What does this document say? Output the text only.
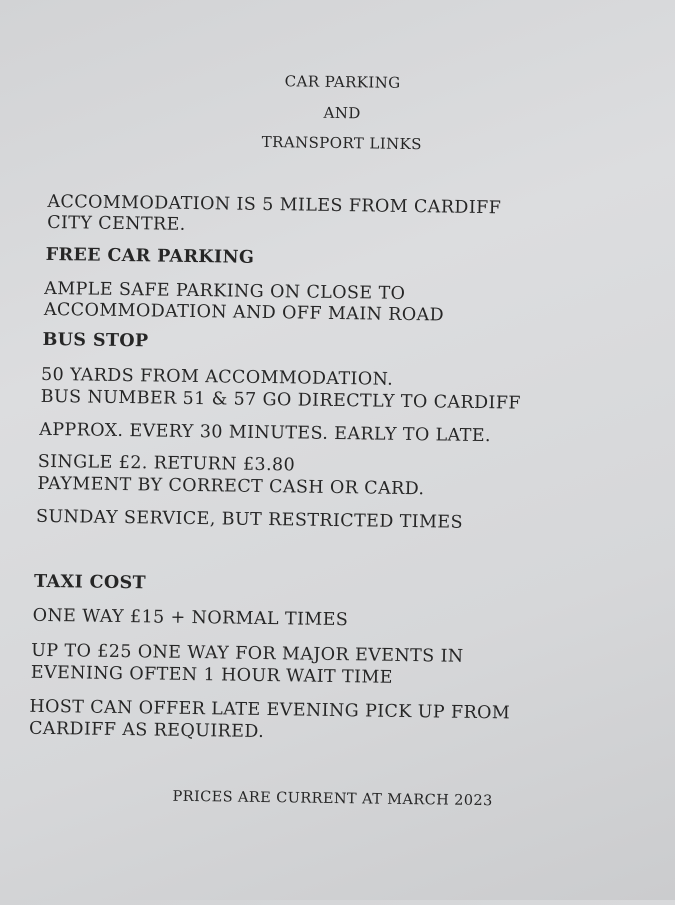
CAR PARKING

AND

TRANSPORT LINKS

ACCOMMODATION IS 5 MILES FROM CARDIFF

CITY CENTRE.

FREE CAR PARKING

AMPLE SAFE PARKING ON CLOSE TO

ACCOMMODATION AND OFF MAIN ROAD

BUS STOP

50 YARDS FROM ACCOMMODATION.

BUS NUMBER 51 & 57 GO DIRECTLY TO CARDIFF

APPROX. EVERY 30 MINUTES. EARLY TO LATE.

SINGLE £2. RETURN £3.80

PAYMENT BY CORRECT CASH OR CARD.

SUNDAY SERVICE, BUT RESTRICTED TIMES

TAXI COST

ONE WAY £15 + NORMAL TIMES

UP TO £25 ONE WAY FOR MAJOR EVENTS IN

EVENING OFTEN 1 HOUR WAIT TIME

HOST CAN OFFER LATE EVENING PICK UP FROM

CARDIFF AS REQUIRED.

PRICES ARE CURRENT AT MARCH 2023
